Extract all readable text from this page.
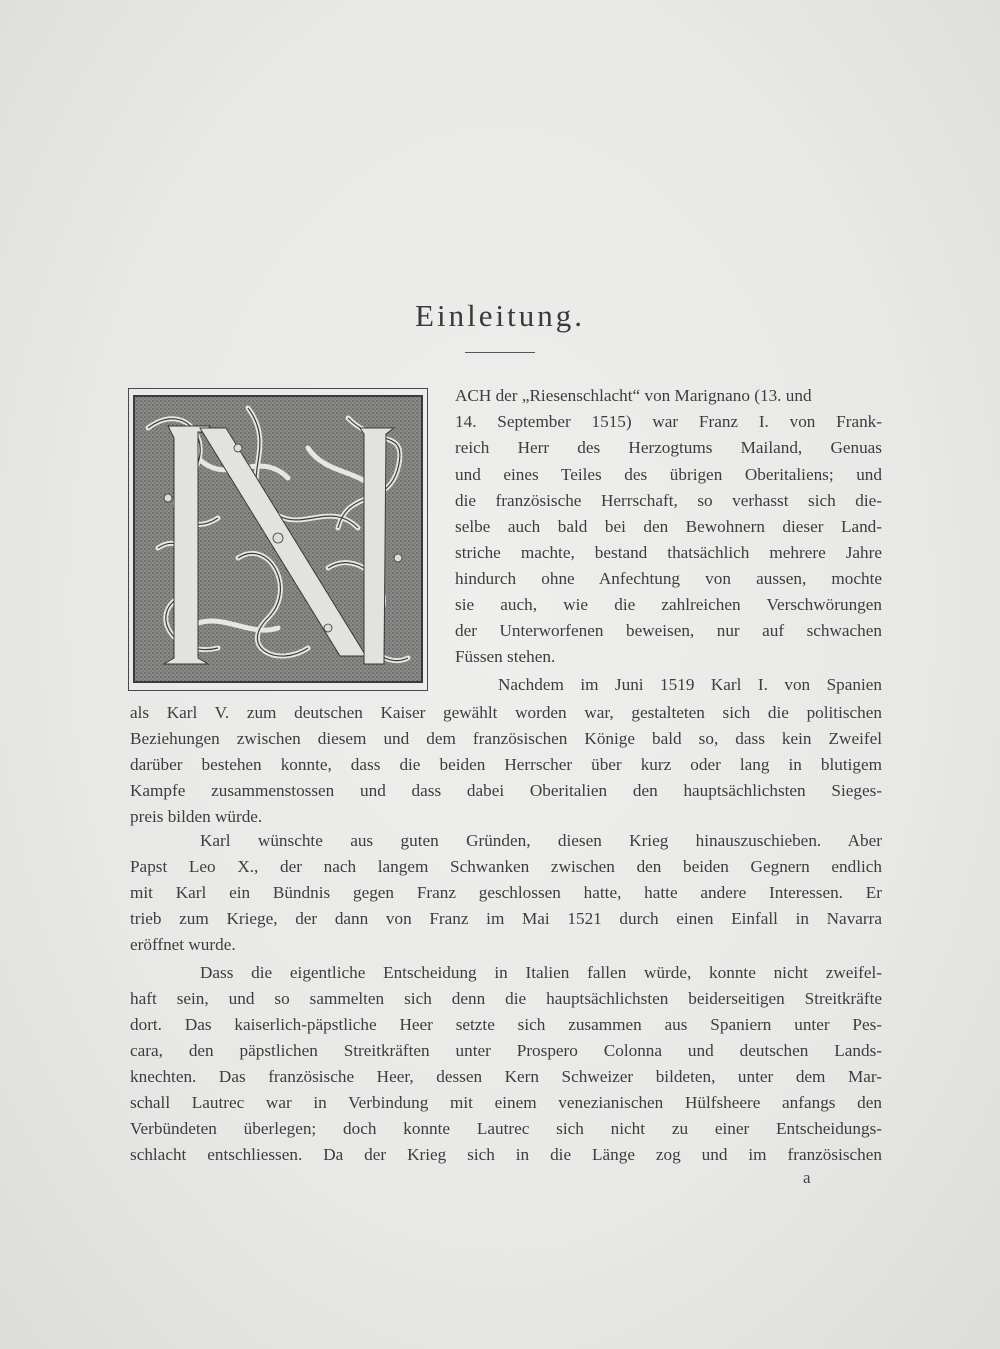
Einleitung.
ACH der „Riesenschlacht“ von Marignano (13. und
14. September 1515) war Franz I. von Frank-
reich Herr des Herzogtums Mailand, Genuas
und eines Teiles des übrigen Oberitaliens; und
die französische Herrschaft, so verhasst sich die-
selbe auch bald bei den Bewohnern dieser Land-
striche machte, bestand thatsächlich mehrere Jahre
hindurch ohne Anfechtung von aussen, mochte
sie auch, wie die zahlreichen Verschwörungen
der Unterworfenen beweisen, nur auf schwachen
Füssen stehen.
Nachdem im Juni 1519 Karl I. von Spanien
als Karl V. zum deutschen Kaiser gewählt worden war, gestalteten sich die politischen
Beziehungen zwischen diesem und dem französischen Könige bald so, dass kein Zweifel
darüber bestehen konnte, dass die beiden Herrscher über kurz oder lang in blutigem
Kampfe zusammenstossen und dass dabei Oberitalien den hauptsächlichsten Sieges-
preis bilden würde.
Karl wünschte aus guten Gründen, diesen Krieg hinauszuschieben. Aber
Papst Leo X., der nach langem Schwanken zwischen den beiden Gegnern endlich
mit Karl ein Bündnis gegen Franz geschlossen hatte, hatte andere Interessen. Er
trieb zum Kriege, der dann von Franz im Mai 1521 durch einen Einfall in Navarra
eröffnet wurde.
Dass die eigentliche Entscheidung in Italien fallen würde, konnte nicht zweifel-
haft sein, und so sammelten sich denn die hauptsächlichsten beiderseitigen Streitkräfte
dort. Das kaiserlich-päpstliche Heer setzte sich zusammen aus Spaniern unter Pes-
cara, den päpstlichen Streitkräften unter Prospero Colonna und deutschen Lands-
knechten. Das französische Heer, dessen Kern Schweizer bildeten, unter dem Mar-
schall Lautrec war in Verbindung mit einem venezianischen Hülfsheere anfangs den
Verbündeten überlegen; doch konnte Lautrec sich nicht zu einer Entscheidungs-
schlacht entschliessen. Da der Krieg sich in die Länge zog und im französischen
a
